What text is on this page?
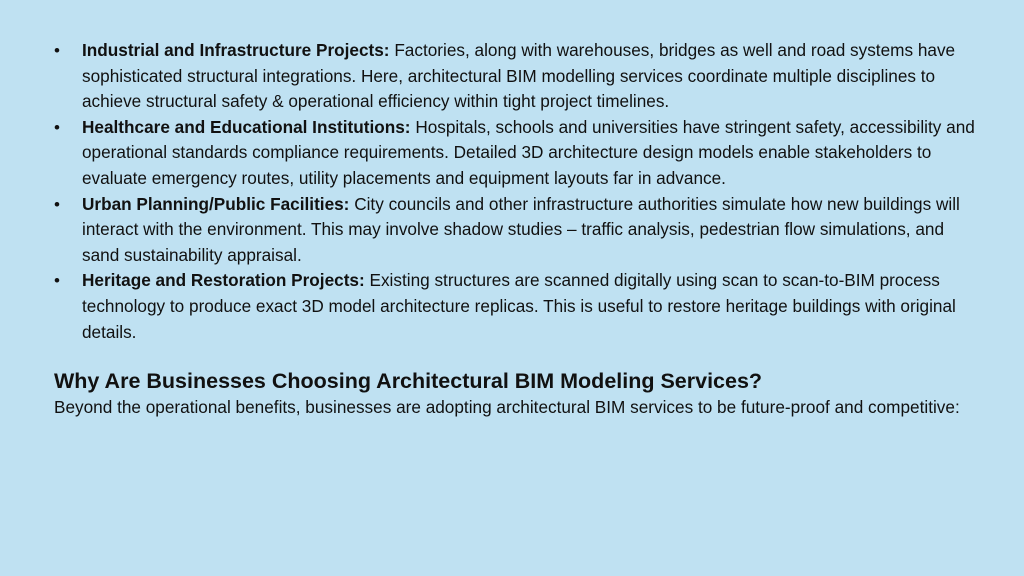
• Industrial and Infrastructure Projects: Factories, along with warehouses, bridges as well and road systems have sophisticated structural integrations. Here, architectural BIM modelling services coordinate multiple disciplines to achieve structural safety & operational efficiency within tight project timelines.
• Healthcare and Educational Institutions: Hospitals, schools and universities have stringent safety, accessibility and operational standards compliance requirements. Detailed 3D architecture design models enable stakeholders to evaluate emergency routes, utility placements and equipment layouts far in advance.
• Urban Planning/Public Facilities: City councils and other infrastructure authorities simulate how new buildings will interact with the environment. This may involve shadow studies – traffic analysis, pedestrian flow simulations, and sand sustainability appraisal.
• Heritage and Restoration Projects: Existing structures are scanned digitally using scan to scan-to-BIM process technology to produce exact 3D model architecture replicas. This is useful to restore heritage buildings with original details.
Why Are Businesses Choosing Architectural BIM Modeling Services?

Beyond the operational benefits, businesses are adopting architectural BIM services to be future-proof and competitive:
